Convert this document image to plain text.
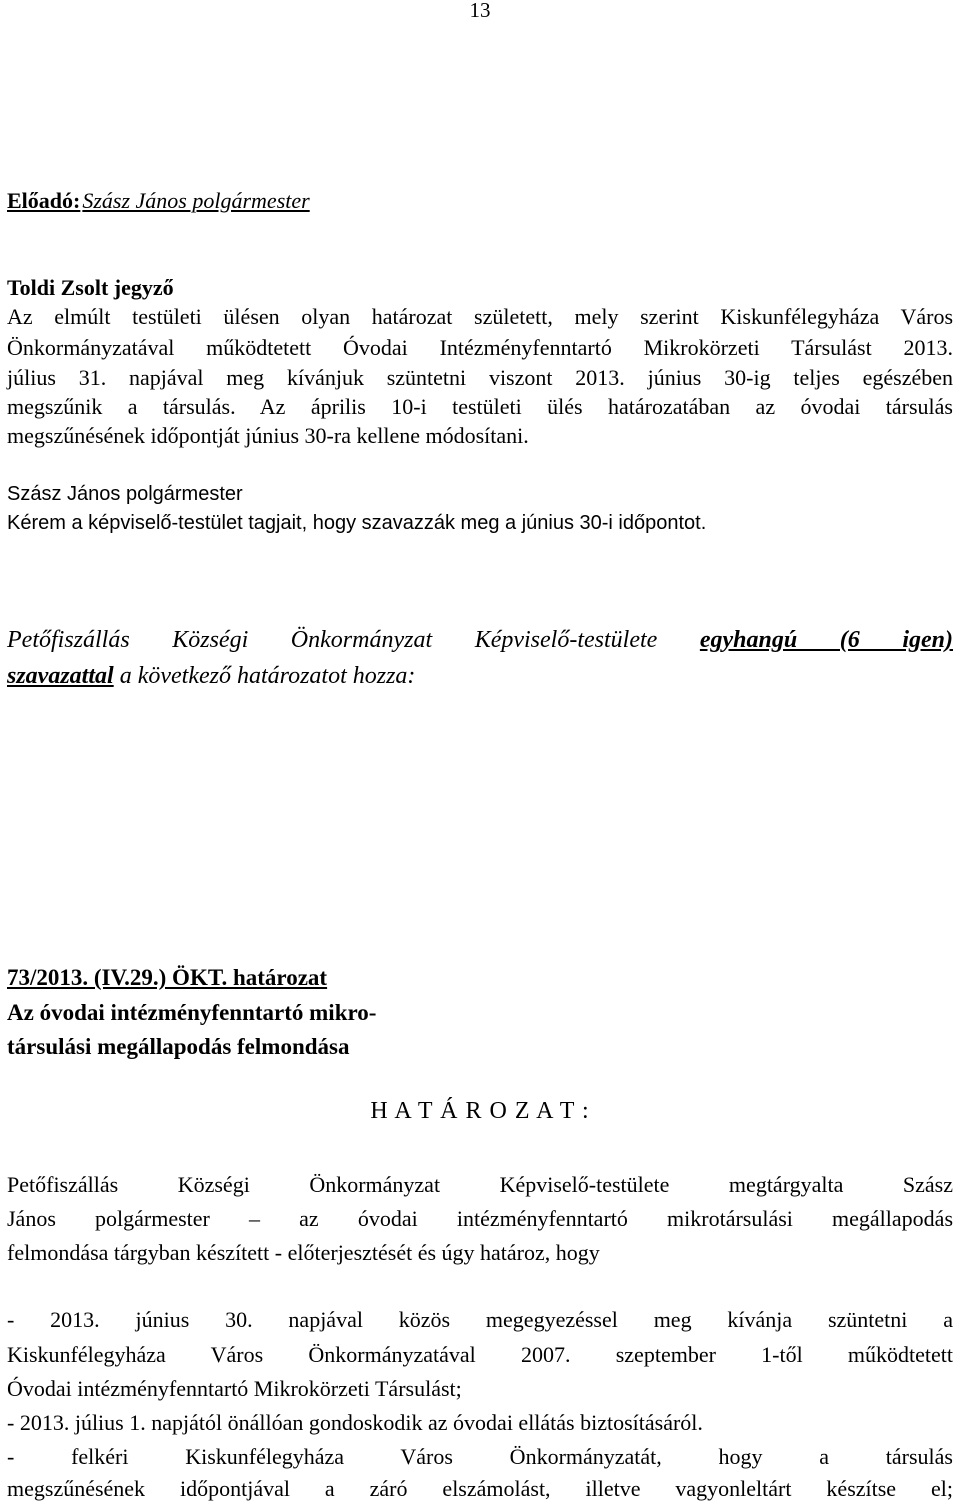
13
Előadó:Szász János polgármester
Toldi Zsolt jegyző
Az elmúlt testületi ülésen olyan határozat született, mely szerint Kiskunfélegyháza Város
Önkormányzatával működtetett Óvodai Intézményfenntartó Mikrokörzeti Társulást 2013.
július 31. napjával meg kívánjuk szüntetni viszont 2013. június 30-ig teljes egészében
megszűnik a társulás. Az április 10-i testületi ülés határozatában az óvodai társulás
megszűnésének időpontját június 30-ra kellene módosítani.
Szász János polgármester
Kérem a képviselő-testület tagjait, hogy szavazzák meg a június 30-i időpontot.
Petőfiszállás Községi Önkormányzat Képviselő-testülete egyhangú (6 igen)
szavazattal a következő határozatot hozza:
73/2013. (IV.29.) ÖKT. határozat
Az óvodai intézményfenntartó mikro-
társulási megállapodás felmondása
H A T Á R O Z A T :
Petőfiszállás Községi Önkormányzat Képviselő-testülete megtárgyalta Szász
János polgármester – az óvodai intézményfenntartó mikrotársulási megállapodás
felmondása tárgyban készített - előterjesztését és úgy határoz, hogy
- 2013. június 30. napjával közös megegyezéssel meg kívánja szüntetni a
Kiskunfélegyháza Város Önkormányzatával 2007. szeptember 1-től működtetett
Óvodai intézményfenntartó Mikrokörzeti Társulást;
- 2013. július 1. napjától önállóan gondoskodik az óvodai ellátás biztosításáról.
- felkéri Kiskunfélegyháza Város Önkormányzatát, hogy a társulás
megszűnésének időpontjával a záró elszámolást, illetve vagyonleltárt készítse el;
